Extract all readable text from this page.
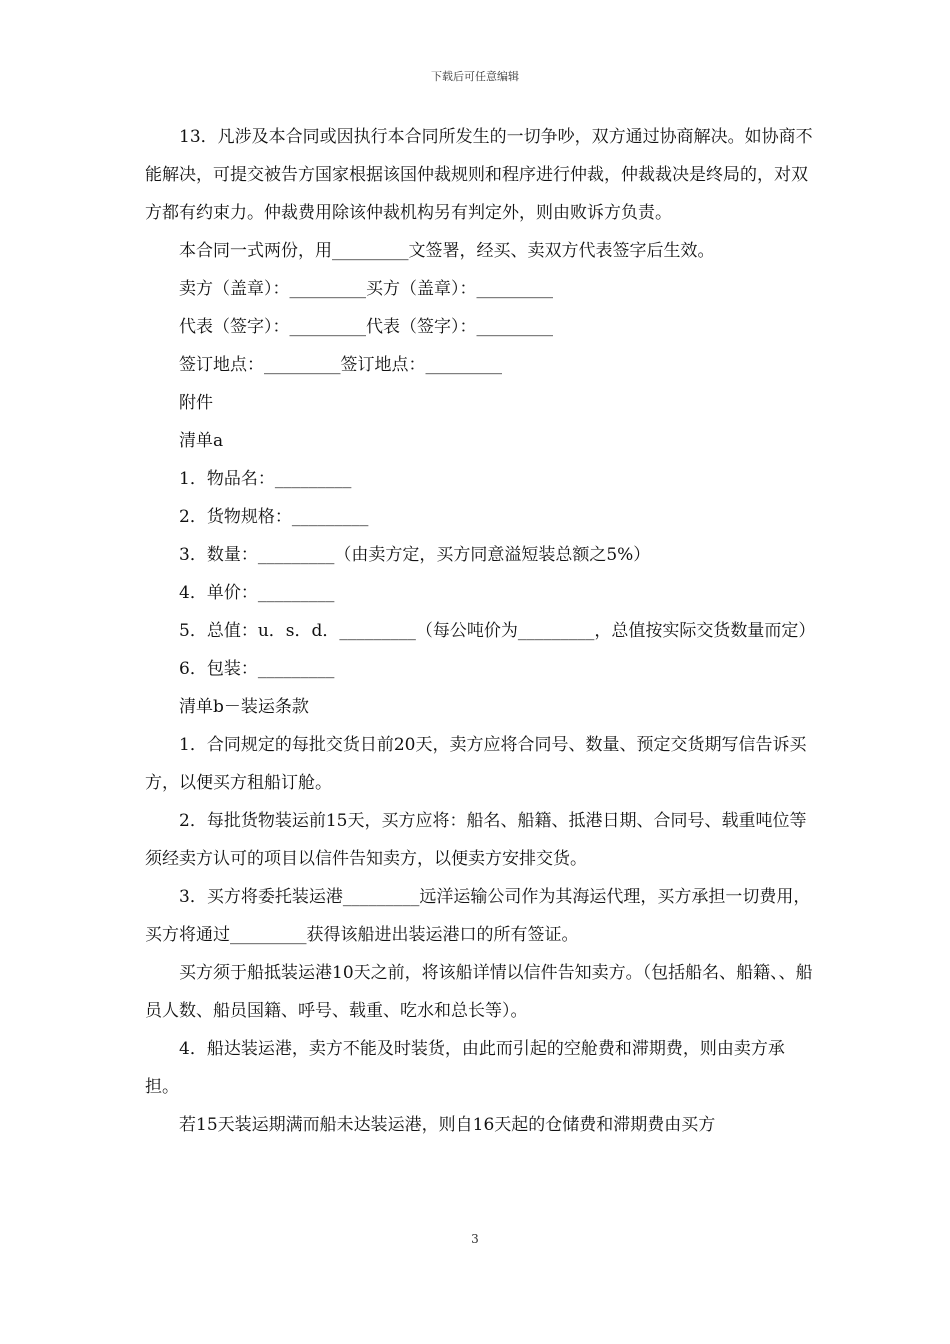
下载后可任意编辑

13．凡涉及本合同或因执行本合同所发生的一切争吵，双方通过协商解决。如协商不能解决，可提交被告方国家根据该国仲裁规则和程序进行仲裁，仲裁裁决是终局的，对双方都有约束力。仲裁费用除该仲裁机构另有判定外，则由败诉方负责。

本合同一式两份，用_________文签署，经买、卖双方代表签字后生效。

卖方（盖章）：_________买方（盖章）：_________

代表（签字）：_________代表（签字）：_________

签订地点：_________签订地点：_________

附件

清单a

1．物品名：_________

2．货物规格：_________

3．数量：_________（由卖方定，买方同意溢短装总额之5%）

4．单价：_________

5．总值：u．s．d．_________（每公吨价为_________，总值按实际交货数量而定）

6．包装：_________

清单b－装运条款

1．合同规定的每批交货日前20天，卖方应将合同号、数量、预定交货期写信告诉买方，以便买方租船订舱。

2．每批货物装运前15天，买方应将：船名、船籍、抵港日期、合同号、载重吨位等须经卖方认可的项目以信件告知卖方，以便卖方安排交货。

3．买方将委托装运港_________远洋运输公司作为其海运代理，买方承担一切费用，买方将通过_________获得该船进出装运港口的所有签证。

买方须于船抵装运港10天之前，将该船详情以信件告知卖方。（包括船名、船籍、、船员人数、船员国籍、呼号、载重、吃水和总长等）。

4．船达装运港，卖方不能及时装货，由此而引起的空舱费和滞期费，则由卖方承担。

若15天装运期满而船未达装运港，则自16天起的仓储费和滞期费由买方

3
